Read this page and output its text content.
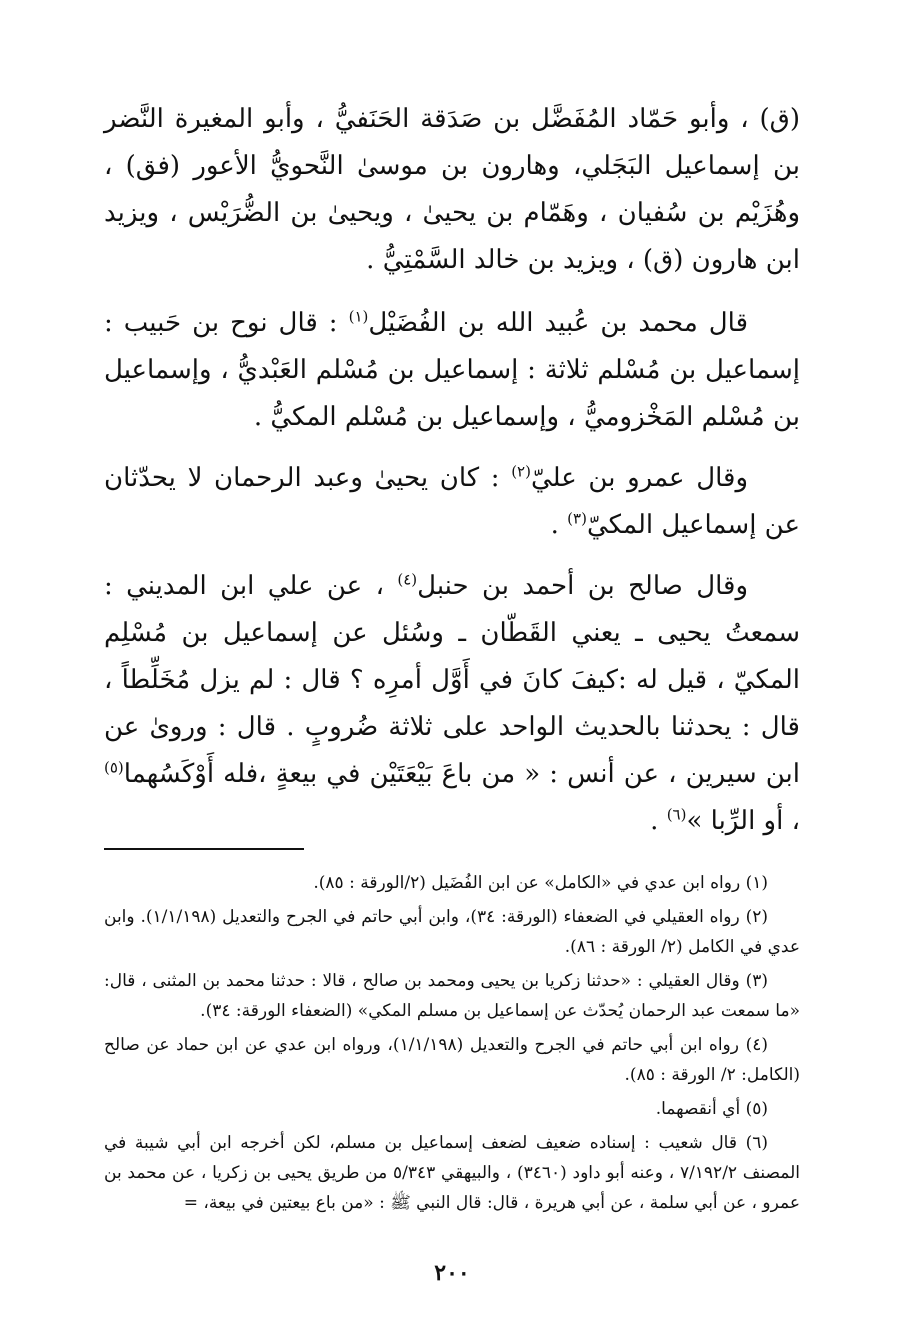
(ق) ، وأبو حَمّاد المُفَضَّل بن صَدَقة الحَنَفيُّ ، وأبو المغيرة النَّضر بن إسماعيل البَجَلي، وهارون بن موسىٰ النَّحويُّ الأعور (فق) ، وهُزَيْم بن سُفيان ، وهَمّام بن يحيىٰ ، ويحيىٰ بن الضُّرَيْس ، ويزيد ابن هارون (ق) ، ويزيد بن خالد السَّمْتِيُّ .

قال محمد بن عُبيد الله بن الفُضَيْل$^{(١)}$ : قال نوح بن حَبيب : إسماعيل بن مُسْلم ثلاثة : إسماعيل بن مُسْلم العَبْديُّ ، وإسماعيل بن مُسْلم المَخْزوميُّ ، وإسماعيل بن مُسْلم المكيُّ .

وقال عمرو بن عليّ$^{(٢)}$ : كان يحيىٰ وعبد الرحمان لا يحدّثان عن إسماعيل المكيّ$^{(٣)}$ .

وقال صالح بن أحمد بن حنبل$^{(٤)}$ ، عن علي ابن المديني : سمعتُ يحيى ـ يعني القَطّان ـ وسُئل عن إسماعيل بن مُسْلِم المكيّ ، قيل له :كيفَ كانَ في أَوَّل أمرِه ؟ قال : لم يزل مُخَلِّطاً ، قال : يحدثنا بالحديث الواحد على ثلاثة ضُروبٍ . قال : وروىٰ عن ابن سيرين ، عن أنس : « من باعَ بَيْعَتَيْن في بيعةٍ ،فله أَوْكَسُهما$^{(٥)}$ ، أو الرِّبا »$^{(٦)}$ .

(١) رواه ابن عدي في «الكامل» عن ابن الفُضَيل (٢/الورقة : ٨٥).

(٢) رواه العقيلي في الضعفاء (الورقة: ٣٤)، وابن أبي حاتم في الجرح والتعديل (١/١/١٩٨). وابن عدي في الكامل (٢/ الورقة : ٨٦).

(٣) وقال العقيلي : «حدثنا زكريا بن يحيى ومحمد بن صالح ، قالا : حدثنا محمد بن المثنى ، قال: «ما سمعت عبد الرحمان يُحدّث عن إسماعيل بن مسلم المكي» (الضعفاء الورقة: ٣٤).

(٤) رواه ابن أبي حاتم في الجرح والتعديل (١/١/١٩٨)، ورواه ابن عدي عن ابن حماد عن صالح (الكامل: ٢/ الورقة : ٨٥).

(٥) أي أنقصهما.

(٦) قال شعيب : إسناده ضعيف لضعف إسماعيل بن مسلم، لكن أخرجه ابن أبي شيبة في المصنف ٧/١٩٢/٢ ، وعنه أبو داود (٣٤٦٠) ، والبيهقي ٥/٣٤٣ من طريق يحيى بن زكريا ، عن محمد بن عمرو ، عن أبي سلمة ، عن أبي هريرة ، قال: قال النبي ﷺ : «من باع بيعتين في بيعة، =

٢٠٠
